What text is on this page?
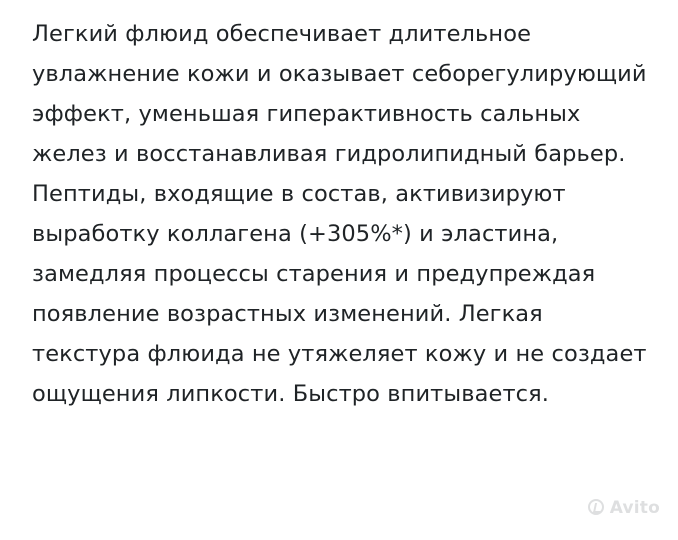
Легкий флюид обеспечивает длительное увлажнение кожи и оказывает себорегулирующий эффект, уменьшая гиперактивность сальных желез и восстанавливая гидролипидный барьер. Пептиды, входящие в состав, активизируют выработку коллагена (+305%*) и эластина, замедляя процессы старения и предупреждая появление возрастных изменений. Легкая текстура флюида не утяжеляет кожу и не создает ощущения липкости. Быстро впитывается.
Avito
